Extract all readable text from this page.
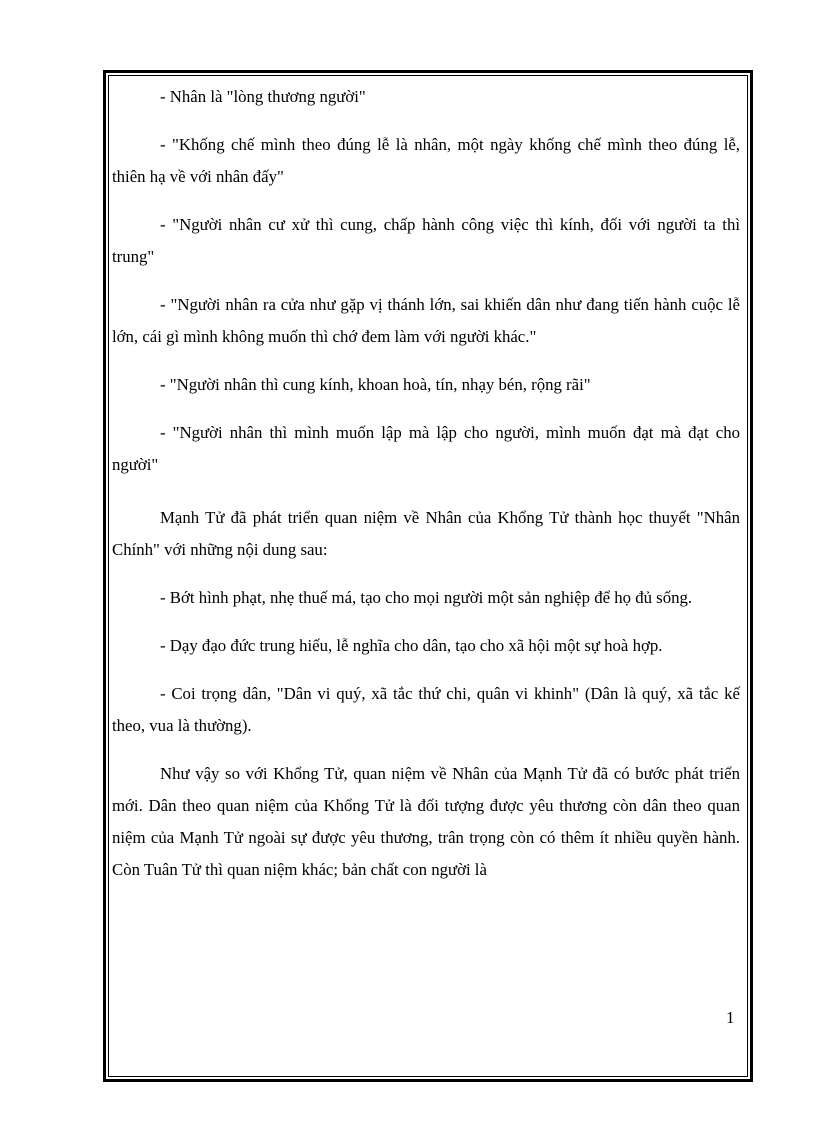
- Nhân là "lòng thương người"

- "Khống chế mình theo đúng lễ là nhân, một ngày khống chế mình theo đúng lễ, thiên hạ về với nhân đấy"

- "Người nhân cư xử thì cung, chấp hành công việc thì kính, đối với người ta thì trung"

- "Người nhân ra cửa như gặp vị thánh lớn, sai khiến dân như đang tiến hành cuộc lễ lớn, cái gì mình không muốn thì chớ đem làm với người khác."

- "Người nhân thì cung kính, khoan hoà, tín, nhạy bén, rộng rãi"

- "Người nhân thì mình muốn lập mà lập cho người, mình muốn đạt mà đạt cho người"

Mạnh Tử đã phát triển quan niệm về Nhân của Khổng Tử thành học thuyết "Nhân Chính" với những nội dung sau:

- Bớt hình phạt, nhẹ thuế má, tạo cho mọi người một sản nghiệp để họ đủ sống.

- Dạy đạo đức trung hiếu, lễ nghĩa cho dân, tạo cho xã hội một sự hoà hợp.

- Coi trọng dân, "Dân vi quý, xã tắc thứ chi, quân vi khinh" (Dân là quý, xã tắc kế theo, vua là thường).

Như vậy so với Khổng Tử, quan niệm về Nhân của Mạnh Tử đã có bước phát triển mới. Dân theo quan niệm của Khổng Tử là đối tượng được yêu thương còn dân theo quan niệm của Mạnh Tử ngoài sự được yêu thương, trân trọng còn có thêm ít nhiều quyền hành. Còn Tuân Tử thì quan niệm khác; bản chất con người là

1
